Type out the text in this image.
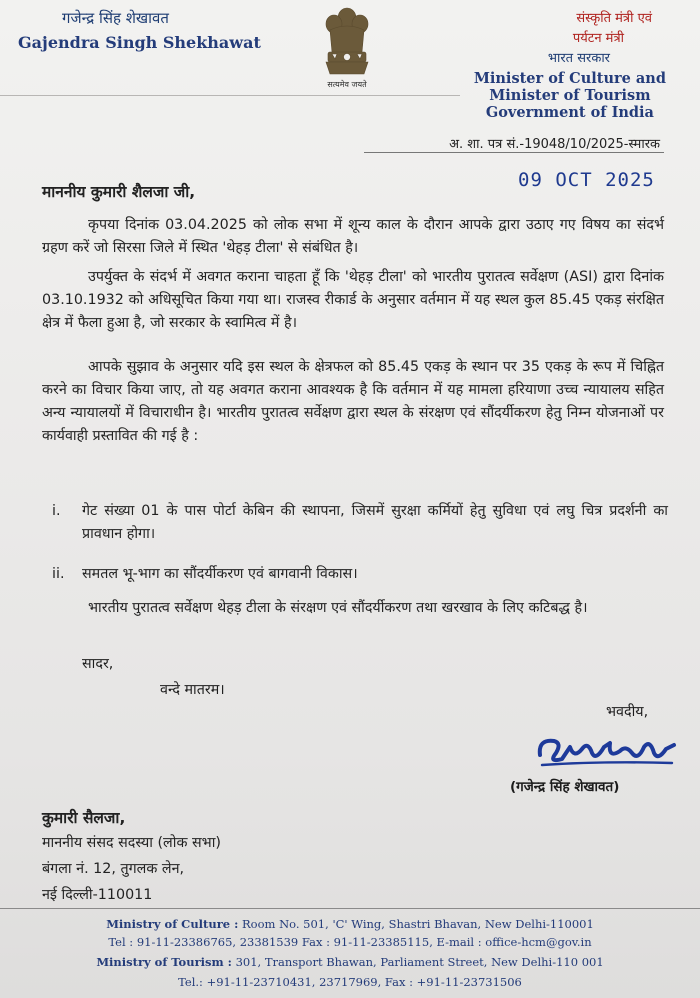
गजेन्द्र सिंह शेखावत
Gajendra Singh Shekhawat
सत्यमेव जयते
संस्कृति मंत्री एवं
पर्यटन मंत्री
भारत सरकार
Minister of Culture and
Minister of Tourism
Government of India
अ. शा. पत्र सं.-19048/10/2025-स्मारक
09 OCT 2025
माननीय कुमारी शैलजा जी,
कृपया दिनांक 03.04.2025 को लोक सभा में शून्य काल के दौरान आपके द्वारा उठाए गए विषय का संदर्भ ग्रहण करें जो सिरसा जिले में स्थित 'थेहड़ टीला' से संबंधित है।
उपर्युक्त के संदर्भ में अवगत कराना चाहता हूँ कि 'थेहड़ टीला' को भारतीय पुरातत्व सर्वेक्षण (ASI) द्वारा दिनांक 03.10.1932 को अधिसूचित किया गया था। राजस्व रीकार्ड के अनुसार वर्तमान में यह स्थल कुल 85.45 एकड़ संरक्षित क्षेत्र में फैला हुआ है, जो सरकार के स्वामित्व में है।
आपके सुझाव के अनुसार यदि इस स्थल के क्षेत्रफल को 85.45 एकड़ के स्थान पर 35 एकड़ के रूप में चिह्नित करने का विचार किया जाए, तो यह अवगत कराना आवश्यक है कि वर्तमान में यह मामला हरियाणा उच्च न्यायालय सहित अन्य न्यायालयों में विचाराधीन है। भारतीय पुरातत्व सर्वेक्षण द्वारा स्थल के संरक्षण एवं सौंदर्यीकरण हेतु निम्न योजनाओं पर कार्यवाही प्रस्तावित की गई है :
i. गेट संख्या 01 के पास पोर्टा केबिन की स्थापना, जिसमें सुरक्षा कर्मियों हेतु सुविधा एवं लघु चित्र प्रदर्शनी का प्रावधान होगा।
ii. समतल भू-भाग का सौंदर्यीकरण एवं बागवानी विकास।
भारतीय पुरातत्व सर्वेक्षण थेहड़ टीला के संरक्षण एवं सौंदर्यीकरण तथा खरखाव के लिए कटिबद्ध है।
सादर,
वन्दे मातरम।
भवदीय,
(गजेन्द्र सिंह शेखावत)
कुमारी सैलजा,
माननीय संसद सदस्या (लोक सभा)
बंगला नं. 12, तुगलक लेन,
नई दिल्ली-110011
Ministry of Culture : Room No. 501, 'C' Wing, Shastri Bhavan, New Delhi-110001
Tel : 91-11-23386765, 23381539 Fax : 91-11-23385115, E-mail : office-hcm@gov.in
Ministry of Tourism : 301, Transport Bhawan, Parliament Street, New Delhi-110 001
Tel.: +91-11-23710431, 23717969, Fax : +91-11-23731506
